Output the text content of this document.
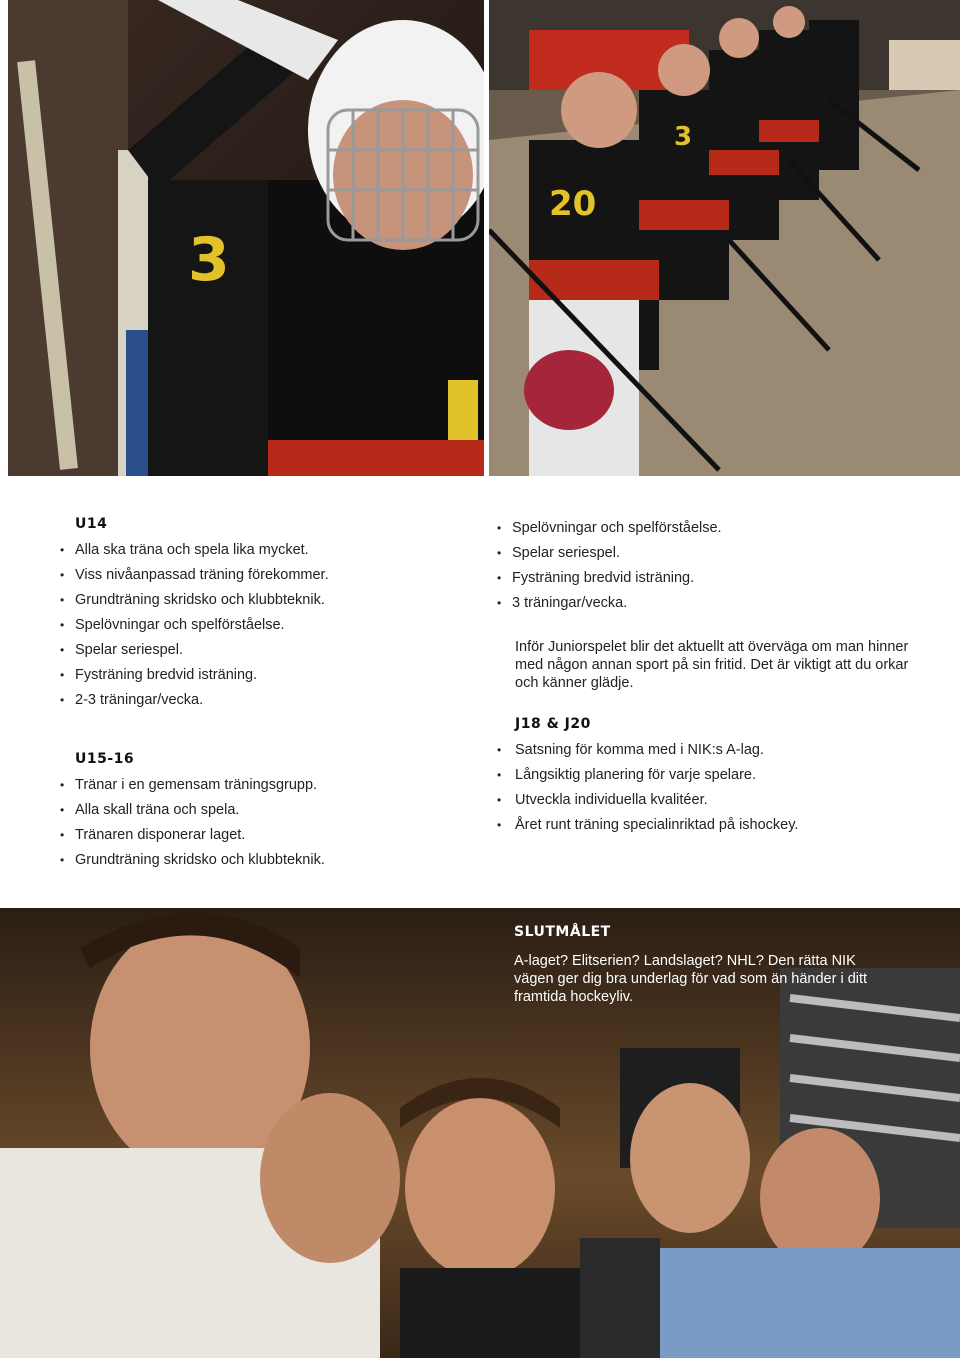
3
20
3
U14
• Alla ska träna och spela lika mycket.
• Viss nivåanpassad träning förekommer.
• Grundträning skridsko och klubbteknik.
• Spelövningar och spelförståelse.
• Spelar seriespel.
• Fysträning bredvid isträning.
• 2-3 träningar/vecka.
U15-16
• Tränar i en gemensam träningsgrupp.
• Alla skall träna och spela.
• Tränaren disponerar laget.
• Grundträning skridsko och klubbteknik.
• Spelövningar och spelförståelse.
• Spelar seriespel.
• Fysträning bredvid isträning.
• 3 träningar/vecka.

Inför Juniorspelet blir det aktuellt att överväga om man hinner med någon annan sport på sin fritid. Det är viktigt att du orkar och känner glädje.

J18 & J20
• Satsning för komma med i NIK:s A-lag.
• Långsiktig planering för varje spelare.
• Utveckla individuella kvalitéer.
• Året runt träning specialinriktad på ishockey.
SLUTMÅLET

A-laget? Elitserien? Landslaget? NHL? Den rätta NIK vägen ger dig bra underlag för vad som än händer i ditt framtida hockeyliv.
